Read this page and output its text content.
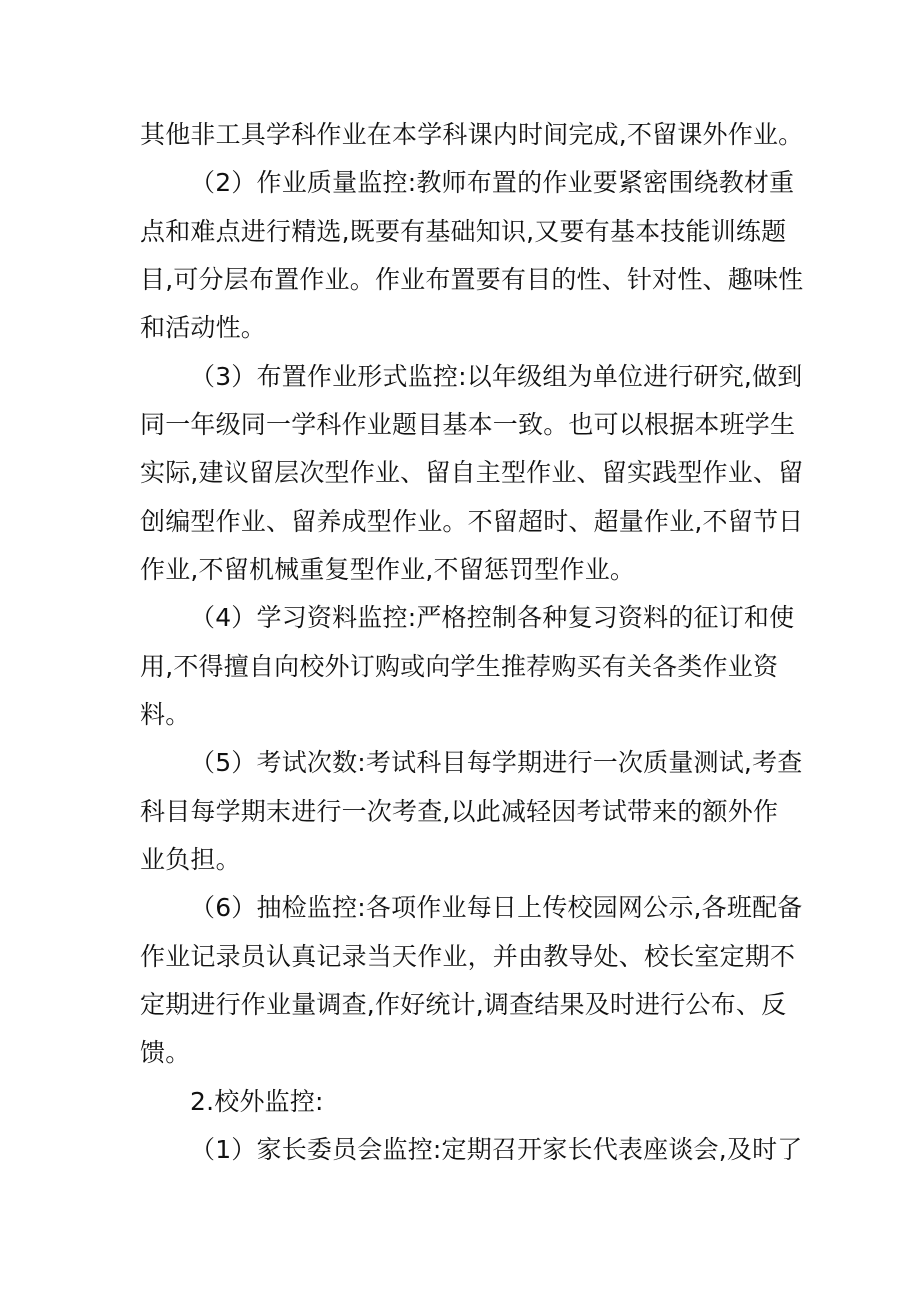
其他非工具学科作业在本学科课内时间完成,不留课外作业。
（2）作业质量监控:教师布置的作业要紧密围绕教材重
点和难点进行精选,既要有基础知识,又要有基本技能训练题
目,可分层布置作业。作业布置要有目的性、针对性、趣味性
和活动性。
（3）布置作业形式监控:以年级组为单位进行研究,做到
同一年级同一学科作业题目基本一致。也可以根据本班学生
实际,建议留层次型作业、留自主型作业、留实践型作业、留
创编型作业、留养成型作业。不留超时、超量作业,不留节日
作业,不留机械重复型作业,不留惩罚型作业。
（4）学习资料监控:严格控制各种复习资料的征订和使
用,不得擅自向校外订购或向学生推荐购买有关各类作业资
料。
（5）考试次数:考试科目每学期进行一次质量测试,考查
科目每学期末进行一次考查,以此减轻因考试带来的额外作
业负担。
（6）抽检监控:各项作业每日上传校园网公示,各班配备
作业记录员认真记录当天作业，并由教导处、校长室定期不
定期进行作业量调查,作好统计,调查结果及时进行公布、反
馈。
2.校外监控:
（1）家长委员会监控:定期召开家长代表座谈会,及时了
